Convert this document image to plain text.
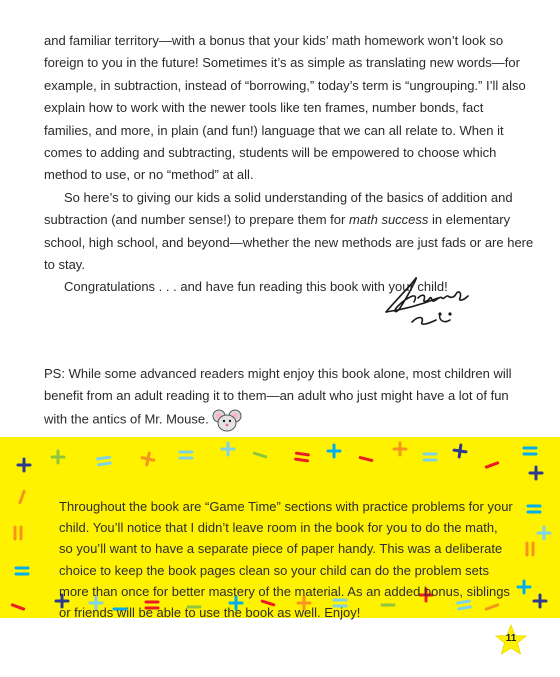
and familiar territory—with a bonus that your kids’ math homework won’t look so foreign to you in the future! Sometimes it’s as simple as translating new words—for example, in subtraction, instead of “borrowing,” today’s term is “ungrouping.” I’ll also explain how to work with the newer tools like ten frames, number bonds, fact families, and more, in plain (and fun!) language that we can all relate to. When it comes to adding and subtracting, students will be empowered to choose which method to use, or no “method” at all.

So here’s to giving our kids a solid understanding of the basics of addition and subtraction (and number sense!) to prepare them for math success in elementary school, high school, and beyond—whether the new methods are just fads or are here to stay.

Congratulations . . . and have fun reading this book with your child!

PS: While some advanced readers might enjoy this book alone, most children will benefit from an adult reading it to them—an adult who just might have a lot of fun with the antics of Mr. Mouse.

Throughout the book are “Game Time” sections with practice problems for your child. You’ll notice that I didn’t leave room in the book for you to do the math, so you’ll want to have a separate piece of paper handy. This was a deliberate choice to keep the book pages clean so your child can do the problem sets more than once for better mastery of the material. As an added bonus, siblings or friends will be able to use the book as well. Enjoy!

11
